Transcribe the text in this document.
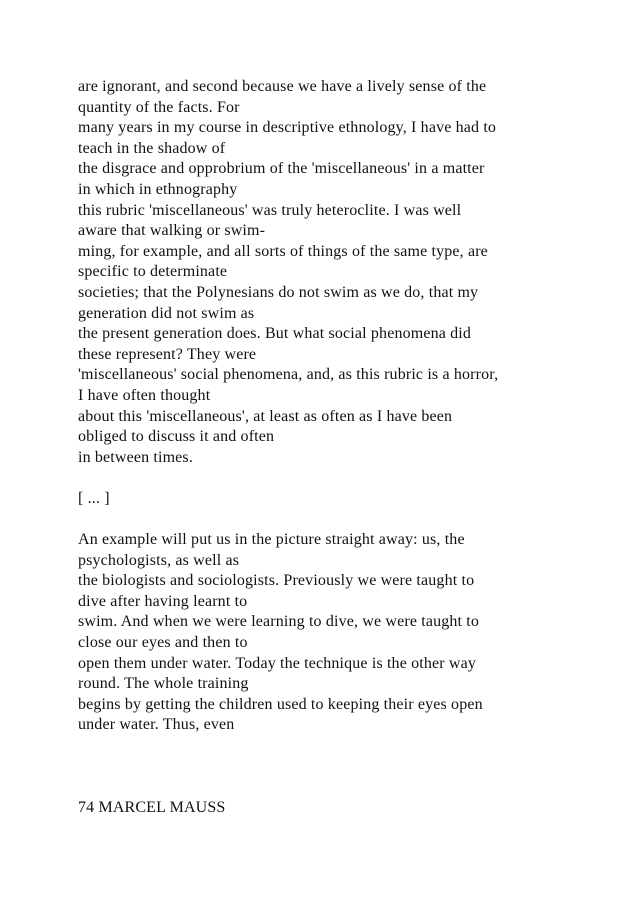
are ignorant, and second because we have a lively sense of the
quantity of the facts. For
many years in my course in descriptive ethnology, I have had to
teach in the shadow of
the disgrace and opprobrium of the 'miscellaneous' in a matter
in which in ethnography
this rubric 'miscellaneous' was truly heteroclite. I was well
aware that walking or swim-
ming, for example, and all sorts of things of the same type, are
specific to determinate
societies; that the Polynesians do not swim as we do, that my
generation did not swim as
the present generation does. But what social phenomena did
these represent? They were
'miscellaneous' social phenomena, and, as this rubric is a horror,
I have often thought
about this 'miscellaneous', at least as often as I have been
obliged to discuss it and often
in between times.
[ ... ]
An example will put us in the picture straight away: us, the
psychologists, as well as
the biologists and sociologists. Previously we were taught to
dive after having learnt to
swim. And when we were learning to dive, we were taught to
close our eyes and then to
open them under water. Today the technique is the other way
round. The whole training
begins by getting the children used to keeping their eyes open
under water. Thus, even
74 MARCEL MAUSS
